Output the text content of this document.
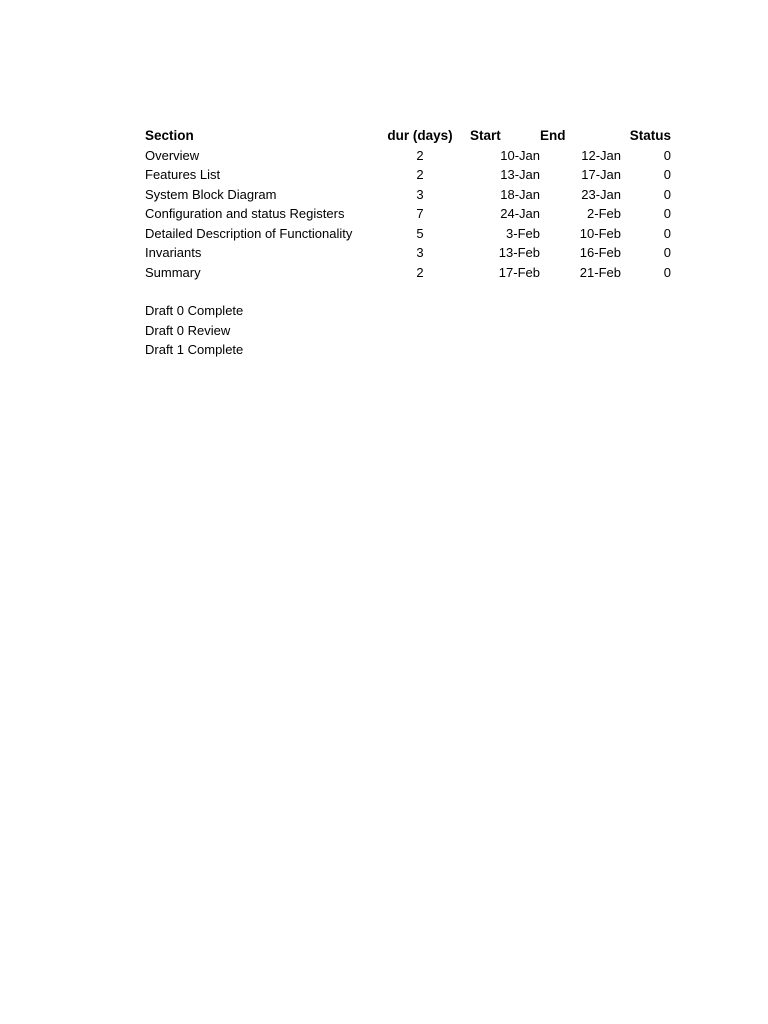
Section	dur (days)	Start	End	Status
Overview	2	10-Jan	12-Jan	0
Features List	2	13-Jan	17-Jan	0
System Block Diagram	3	18-Jan	23-Jan	0
Configuration and status Registers	7	24-Jan	2-Feb	0
Detailed Description of Functionality	5	3-Feb	10-Feb	0
Invariants	3	13-Feb	16-Feb	0
Summary	2	17-Feb	21-Feb	0
Draft 0 Complete
Draft 0 Review
Draft 1 Complete
